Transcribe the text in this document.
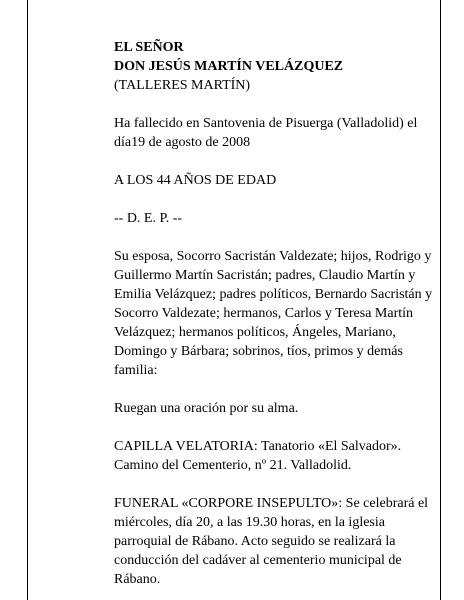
EL SEÑOR

DON JESÚS MARTÍN VELÁZQUEZ

(TALLERES MARTÍN)

Ha fallecido en Santovenia de Pisuerga (Valladolid) el día19 de agosto de 2008

A LOS 44 AÑOS DE EDAD

-- D. E. P. --

Su esposa, Socorro Sacristán Valdezate; hijos, Rodrigo y Guillermo Martín Sacristán; padres, Claudio Martín y Emilia Velázquez; padres políticos, Bernardo Sacristán y Socorro Valdezate; hermanos, Carlos y Teresa Martín Velázquez; hermanos políticos, Ángeles, Mariano, Domingo y Bárbara; sobrinos, tíos, primos y demás familia:

Ruegan una oración por su alma.

CAPILLA VELATORIA: Tanatorio «El Salvador».

Camino del Cementerio, nº 21. Valladolid.

FUNERAL «CORPORE INSEPULTO»: Se celebrará el miércoles, día 20, a las 19.30 horas, en la iglesia parroquial de Rábano. Acto seguido se realizará la conducción del cadáver al cementerio municipal de Rábano.
